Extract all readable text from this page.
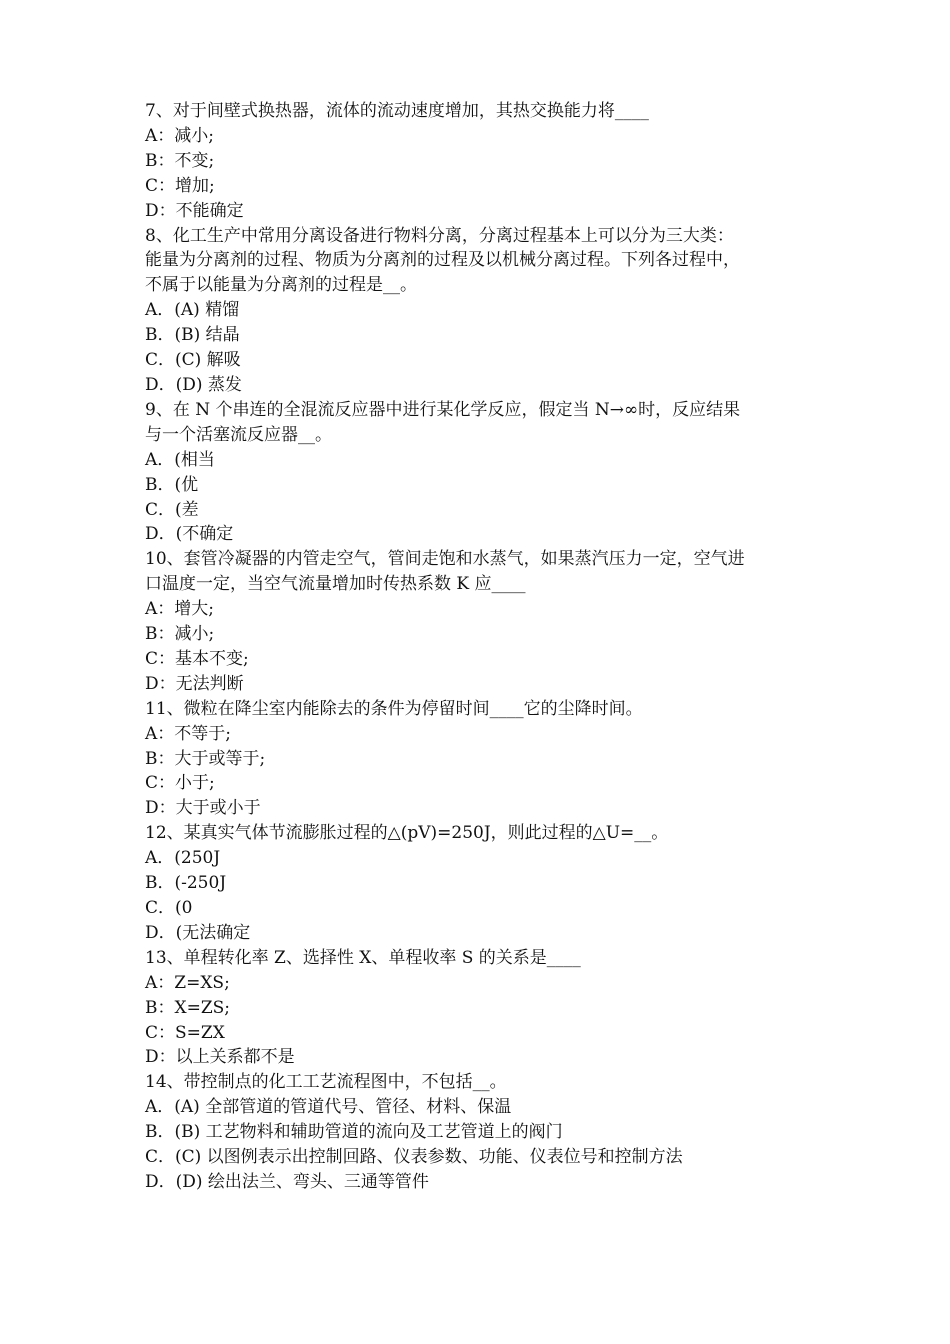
7、对于间壁式换热器，流体的流动速度增加，其热交换能力将____

A：减小;

B：不变;

C：增加;

D：不能确定

8、化工生产中常用分离设备进行物料分离，分离过程基本上可以分为三大类：

能量为分离剂的过程、物质为分离剂的过程及以机械分离过程。下列各过程中，

不属于以能量为分离剂的过程是__。

A．(A) 精馏

B．(B) 结晶

C．(C) 解吸

D．(D) 蒸发

9、在 N 个串连的全混流反应器中进行某化学反应，假定当 N→∞时，反应结果

与一个活塞流反应器__。

A．(相当

B．(优

C．(差

D．(不确定

10、套管冷凝器的内管走空气，管间走饱和水蒸气，如果蒸汽压力一定，空气进

口温度一定，当空气流量增加时传热系数 K 应____

A：增大;

B：减小;

C：基本不变;

D：无法判断

11、微粒在降尘室内能除去的条件为停留时间____它的尘降时间。

A：不等于;

B：大于或等于;

C：小于;

D：大于或小于

12、某真实气体节流膨胀过程的△(pV)=250J，则此过程的△U=__。

A．(250J

B．(-250J

C．(0

D．(无法确定

13、单程转化率 Z、选择性 X、单程收率 S 的关系是____

A：Z=XS;

B：X=ZS;

C：S=ZX

D：以上关系都不是

14、带控制点的化工工艺流程图中，不包括__。

A．(A) 全部管道的管道代号、管径、材料、保温

B．(B) 工艺物料和辅助管道的流向及工艺管道上的阀门

C．(C) 以图例表示出控制回路、仪表参数、功能、仪表位号和控制方法

D．(D) 绘出法兰、弯头、三通等管件
